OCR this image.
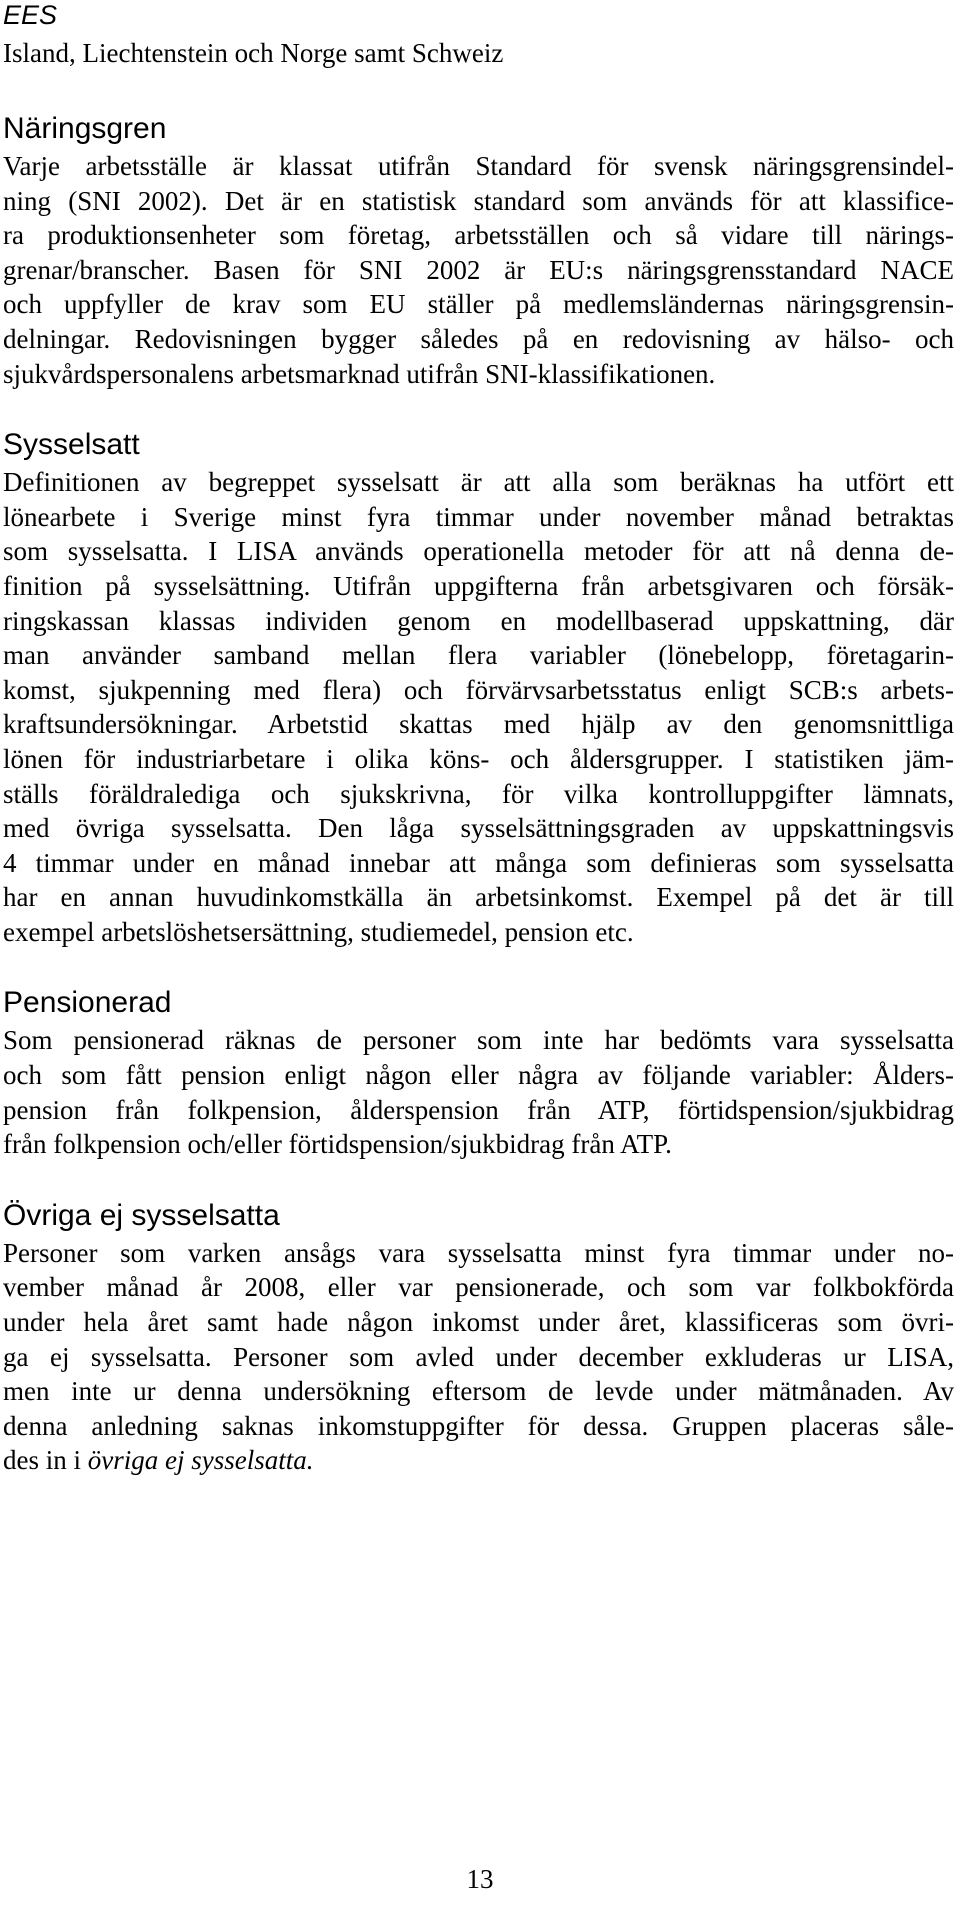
EES

Island, Liechtenstein och Norge samt Schweiz

Näringsgren

Varje arbetsställe är klassat utifrån Standard för svensk näringsgrensindel-
ning (SNI 2002). Det är en statistisk standard som används för att klassifice-
ra produktionsenheter som företag, arbetsställen och så vidare till närings-
grenar/branscher. Basen för SNI 2002 är EU:s näringsgrensstandard NACE
och uppfyller de krav som EU ställer på medlemsländernas näringsgrensin-
delningar. Redovisningen bygger således på en redovisning av hälso- och
sjukvårdspersonalens arbetsmarknad utifrån SNI-klassifikationen.

Sysselsatt

Definitionen av begreppet sysselsatt är att alla som beräknas ha utfört ett
lönearbete i Sverige minst fyra timmar under november månad betraktas
som sysselsatta. I LISA används operationella metoder för att nå denna de-
finition på sysselsättning. Utifrån uppgifterna från arbetsgivaren och försäk-
ringskassan klassas individen genom en modellbaserad uppskattning, där
man använder samband mellan flera variabler (lönebelopp, företagarin-
komst, sjukpenning med flera) och förvärvsarbetsstatus enligt SCB:s arbets-
kraftsundersökningar. Arbetstid skattas med hjälp av den genomsnittliga
lönen för industriarbetare i olika köns- och åldersgrupper. I statistiken jäm-
ställs föräldralediga och sjukskrivna, för vilka kontrolluppgifter lämnats,
med övriga sysselsatta. Den låga sysselsättningsgraden av uppskattningsvis
4 timmar under en månad innebar att många som definieras som sysselsatta
har en annan huvudinkomstkälla än arbetsinkomst. Exempel på det är till
exempel arbetslöshetsersättning, studiemedel, pension etc.

Pensionerad

Som pensionerad räknas de personer som inte har bedömts vara sysselsatta
och som fått pension enligt någon eller några av följande variabler: Ålders-
pension från folkpension, ålderspension från ATP, förtidspension/sjukbidrag
från folkpension och/eller förtidspension/sjukbidrag från ATP.

Övriga ej sysselsatta

Personer som varken ansågs vara sysselsatta minst fyra timmar under no-
vember månad år 2008, eller var pensionerade, och som var folkbokförda
under hela året samt hade någon inkomst under året, klassificeras som övri-
ga ej sysselsatta. Personer som avled under december exkluderas ur LISA,
men inte ur denna undersökning eftersom de levde under mätmånaden. Av
denna anledning saknas inkomstuppgifter för dessa. Gruppen placeras såle-
des in i övriga ej sysselsatta.

13
